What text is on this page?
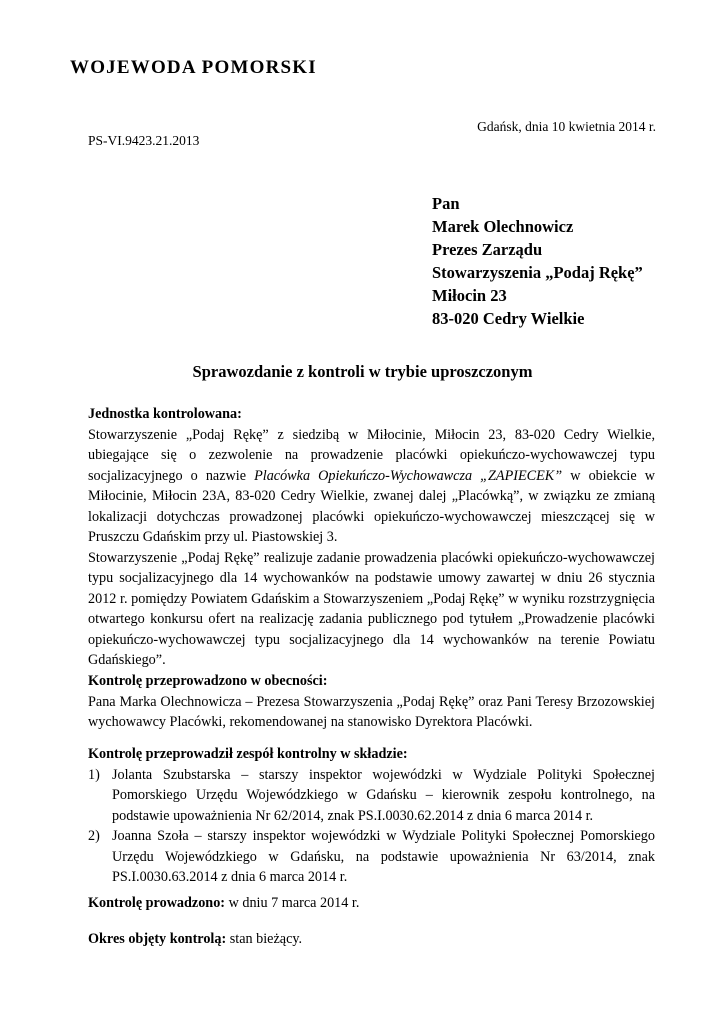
WOJEWODA POMORSKI
Gdańsk, dnia 10 kwietnia 2014 r.
PS-VI.9423.21.2013
Pan
Marek Olechnowicz
Prezes Zarządu
Stowarzyszenia „Podaj Rękę”
Miłocin 23
83-020 Cedry Wielkie
Sprawozdanie z kontroli w trybie uproszczonym
Jednostka kontrolowana:
Stowarzyszenie „Podaj Rękę” z siedzibą w Miłocinie, Miłocin 23, 83-020 Cedry Wielkie, ubiegające się o zezwolenie na prowadzenie placówki opiekuńczo-wychowawczej typu socjalizacyjnego o nazwie Placówka Opiekuńczo-Wychowawcza „ZAPIECEK” w obiekcie w Miłocinie, Miłocin 23A, 83-020 Cedry Wielkie, zwanej dalej „Placówką”, w związku ze zmianą lokalizacji dotychczas prowadzonej placówki opiekuńczo-wychowawczej mieszczącej się w Pruszczu Gdańskim przy ul. Piastowskiej 3.
Stowarzyszenie „Podaj Rękę” realizuje zadanie prowadzenia placówki opiekuńczo-wychowawczej typu socjalizacyjnego dla 14 wychowanków na podstawie umowy zawartej w dniu 26 stycznia 2012 r. pomiędzy Powiatem Gdańskim a Stowarzyszeniem „Podaj Rękę” w wyniku rozstrzygnięcia otwartego konkursu ofert na realizację zadania publicznego pod tytułem „Prowadzenie placówki opiekuńczo-wychowawczej typu socjalizacyjnego dla 14 wychowanków na terenie Powiatu Gdańskiego”.
Kontrolę przeprowadzono w obecności:
Pana Marka Olechnowicza – Prezesa Stowarzyszenia „Podaj Rękę” oraz Pani Teresy Brzozowskiej wychowawcy Placówki, rekomendowanej na stanowisko Dyrektora Placówki.
Kontrolę przeprowadził zespół kontrolny w składzie:
1) Jolanta Szubstarska – starszy inspektor wojewódzki w Wydziale Polityki Społecznej Pomorskiego Urzędu Wojewódzkiego w Gdańsku – kierownik zespołu kontrolnego, na podstawie upoważnienia Nr 62/2014, znak PS.I.0030.62.2014 z dnia 6 marca 2014 r.
2) Joanna Szoła – starszy inspektor wojewódzki w Wydziale Polityki Społecznej Pomorskiego Urzędu Wojewódzkiego w Gdańsku, na podstawie upoważnienia Nr 63/2014, znak PS.I.0030.63.2014 z dnia 6 marca 2014 r.
Kontrolę prowadzono: w dniu 7 marca 2014 r.
Okres objęty kontrolą: stan bieżący.
